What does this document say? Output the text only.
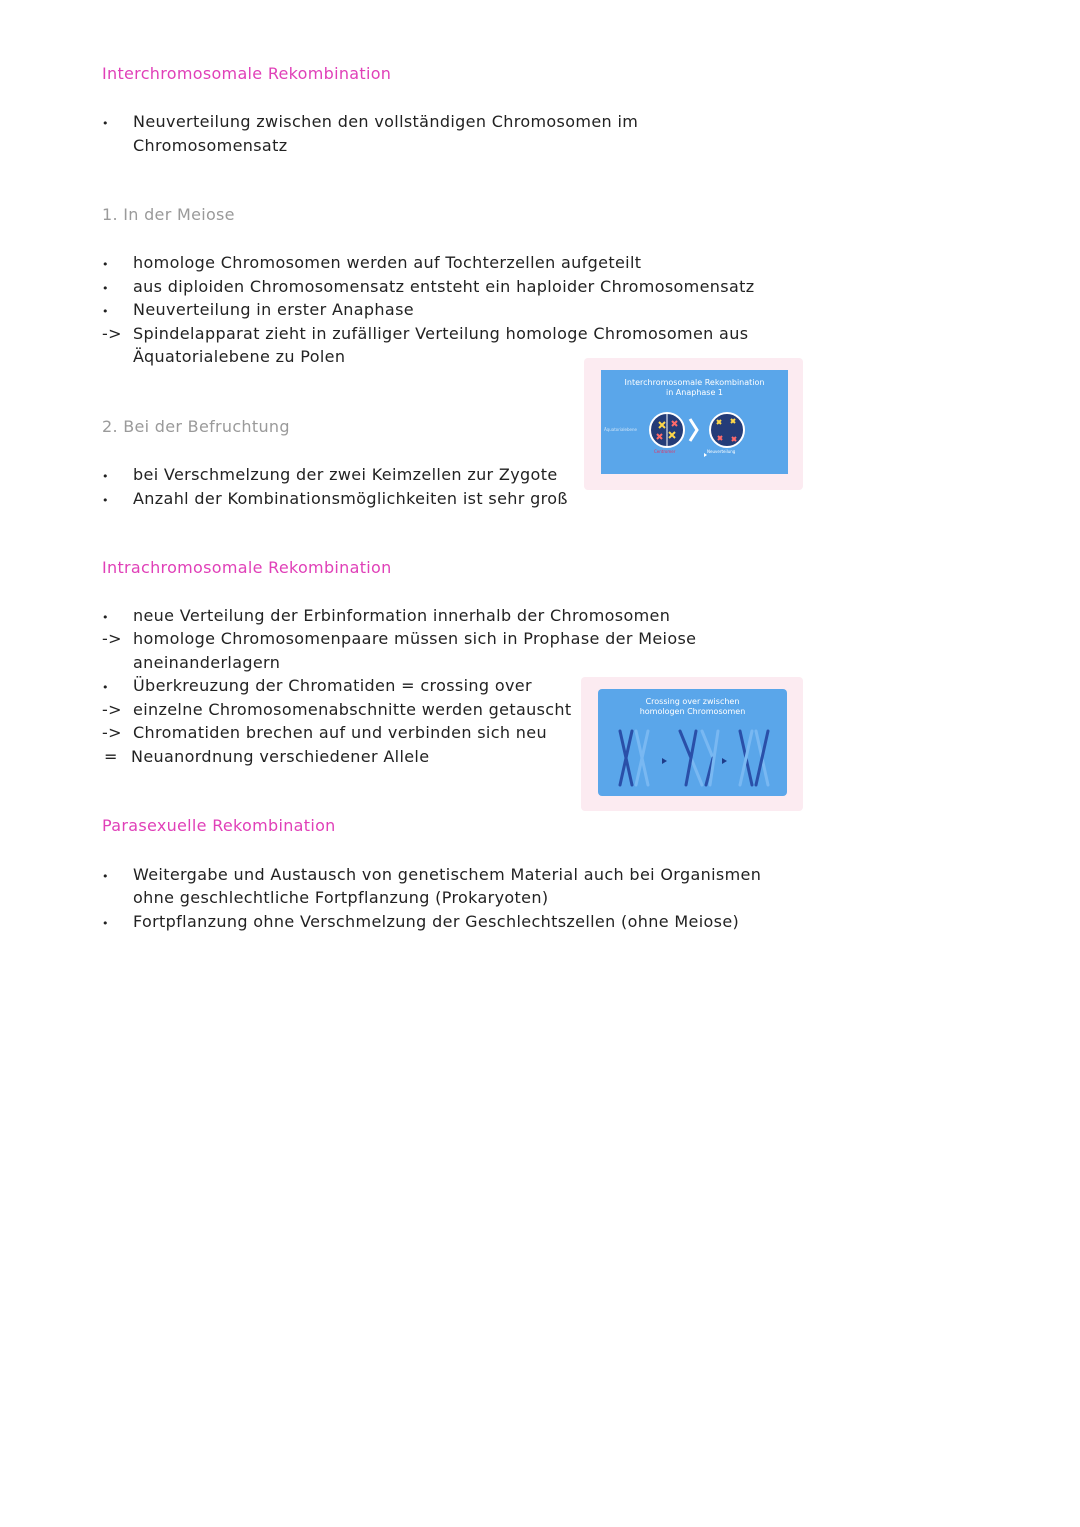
Interchromosomale Rekombination
•	Neuverteilung zwischen den vollständigen Chromosomen im
Chromosomensatz
1. In der Meiose
•	homologe Chromosomen werden auf Tochterzellen aufgeteilt
•	aus diploiden Chromosomensatz entsteht ein haploider Chromosomensatz
•	Neuverteilung in erster Anaphase
-> Spindelapparat zieht in zufälliger Verteilung homologe Chromosomen aus
Äquatorialebene zu Polen
2. Bei der Befruchtung
•	bei Verschmelzung der zwei Keimzellen zur Zygote
•	Anzahl der Kombinationsmöglichkeiten ist sehr groß
Interchromosomale Rekombination
in Anaphase 1
Äquatorialebene
Centromer	Neuverteilung
Intrachromosomale Rekombination
•	neue Verteilung der Erbinformation innerhalb der Chromosomen
-> homologe Chromosomenpaare müssen sich in Prophase der Meiose
aneinanderlagern
•	Überkreuzung der Chromatiden = crossing over
-> einzelne Chromosomenabschnitte werden getauscht
-> Chromatiden brechen auf und verbinden sich neu
= Neuanordnung verschiedener Allele
Crossing over zwischen
homologen Chromosomen
Parasexuelle Rekombination
•	Weitergabe und Austausch von genetischem Material auch bei Organismen
ohne geschlechtliche Fortpflanzung (Prokaryoten)
•	Fortpflanzung ohne Verschmelzung der Geschlechtszellen (ohne Meiose)
